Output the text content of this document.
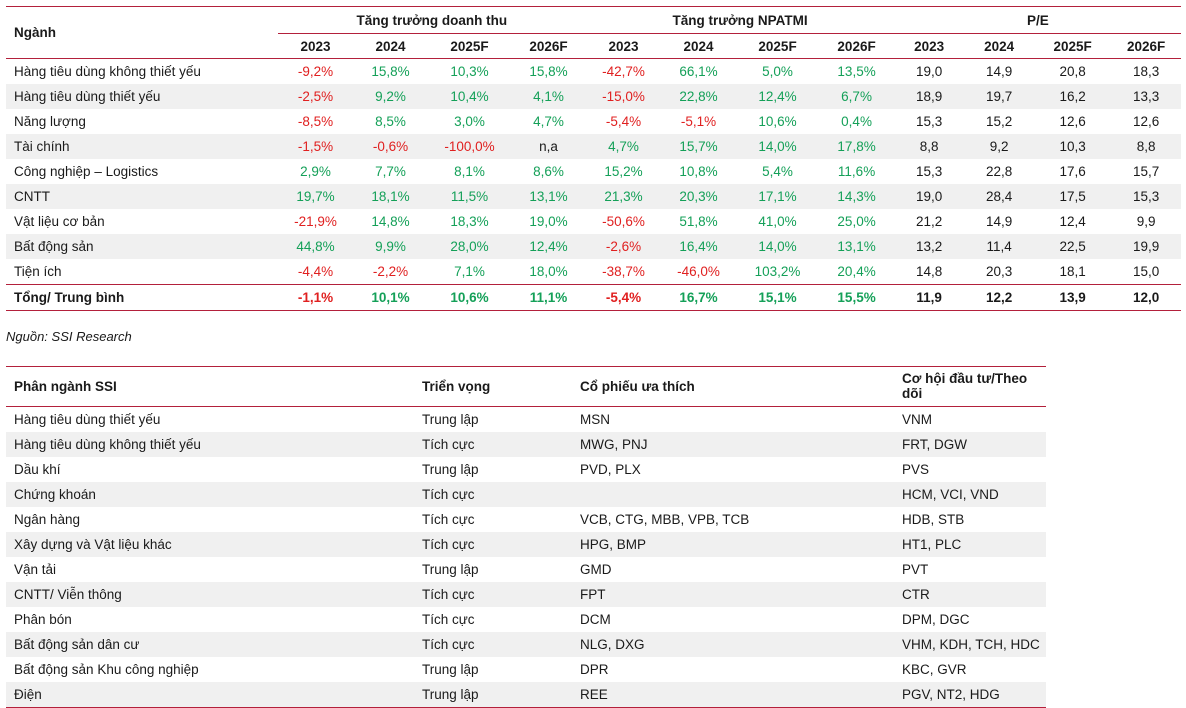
Ngành	Tăng trưởng doanh thu				Tăng trưởng NPATMI				P/E			
	2023	2024	2025F	2026F	2023	2024	2025F	2026F	2023	2024	2025F	2026F
Hàng tiêu dùng không thiết yếu	-9,2%	15,8%	10,3%	15,8%	-42,7%	66,1%	5,0%	13,5%	19,0	14,9	20,8	18,3
Hàng tiêu dùng thiết yếu	-2,5%	9,2%	10,4%	4,1%	-15,0%	22,8%	12,4%	6,7%	18,9	19,7	16,2	13,3
Năng lượng	-8,5%	8,5%	3,0%	4,7%	-5,4%	-5,1%	10,6%	0,4%	15,3	15,2	12,6	12,6
Tài chính	-1,5%	-0,6%	-100,0%	n,a	4,7%	15,7%	14,0%	17,8%	8,8	9,2	10,3	8,8
Công nghiệp – Logistics	2,9%	7,7%	8,1%	8,6%	15,2%	10,8%	5,4%	11,6%	15,3	22,8	17,6	15,7
CNTT	19,7%	18,1%	11,5%	13,1%	21,3%	20,3%	17,1%	14,3%	19,0	28,4	17,5	15,3
Vật liệu cơ bản	-21,9%	14,8%	18,3%	19,0%	-50,6%	51,8%	41,0%	25,0%	21,2	14,9	12,4	9,9
Bất động sản	44,8%	9,9%	28,0%	12,4%	-2,6%	16,4%	14,0%	13,1%	13,2	11,4	22,5	19,9
Tiện ích	-4,4%	-2,2%	7,1%	18,0%	-38,7%	-46,0%	103,2%	20,4%	14,8	20,3	18,1	15,0
Tổng/ Trung bình	-1,1%	10,1%	10,6%	11,1%	-5,4%	16,7%	15,1%	15,5%	11,9	12,2	13,9	12,0
Nguồn: SSI Research
Phân ngành SSI	Triển vọng	Cổ phiếu ưa thích	Cơ hội đầu tư/Theo dõi
Hàng tiêu dùng thiết yếu	Trung lập	MSN	VNM
Hàng tiêu dùng không thiết yếu	Tích cực	MWG, PNJ	FRT, DGW
Dầu khí	Trung lập	PVD, PLX	PVS
Chứng khoán	Tích cực		HCM, VCI, VND
Ngân hàng	Tích cực	VCB, CTG, MBB, VPB, TCB	HDB, STB
Xây dựng và Vật liệu khác	Tích cực	HPG, BMP	HT1, PLC
Vận tải	Trung lập	GMD	PVT
CNTT/ Viễn thông	Tích cực	FPT	CTR
Phân bón	Tích cực	DCM	DPM, DGC
Bất động sản dân cư	Tích cực	NLG, DXG	VHM, KDH, TCH, HDC
Bất động sản Khu công nghiệp	Trung lập	DPR	KBC, GVR
Điện	Trung lập	REE	PGV, NT2, HDG
